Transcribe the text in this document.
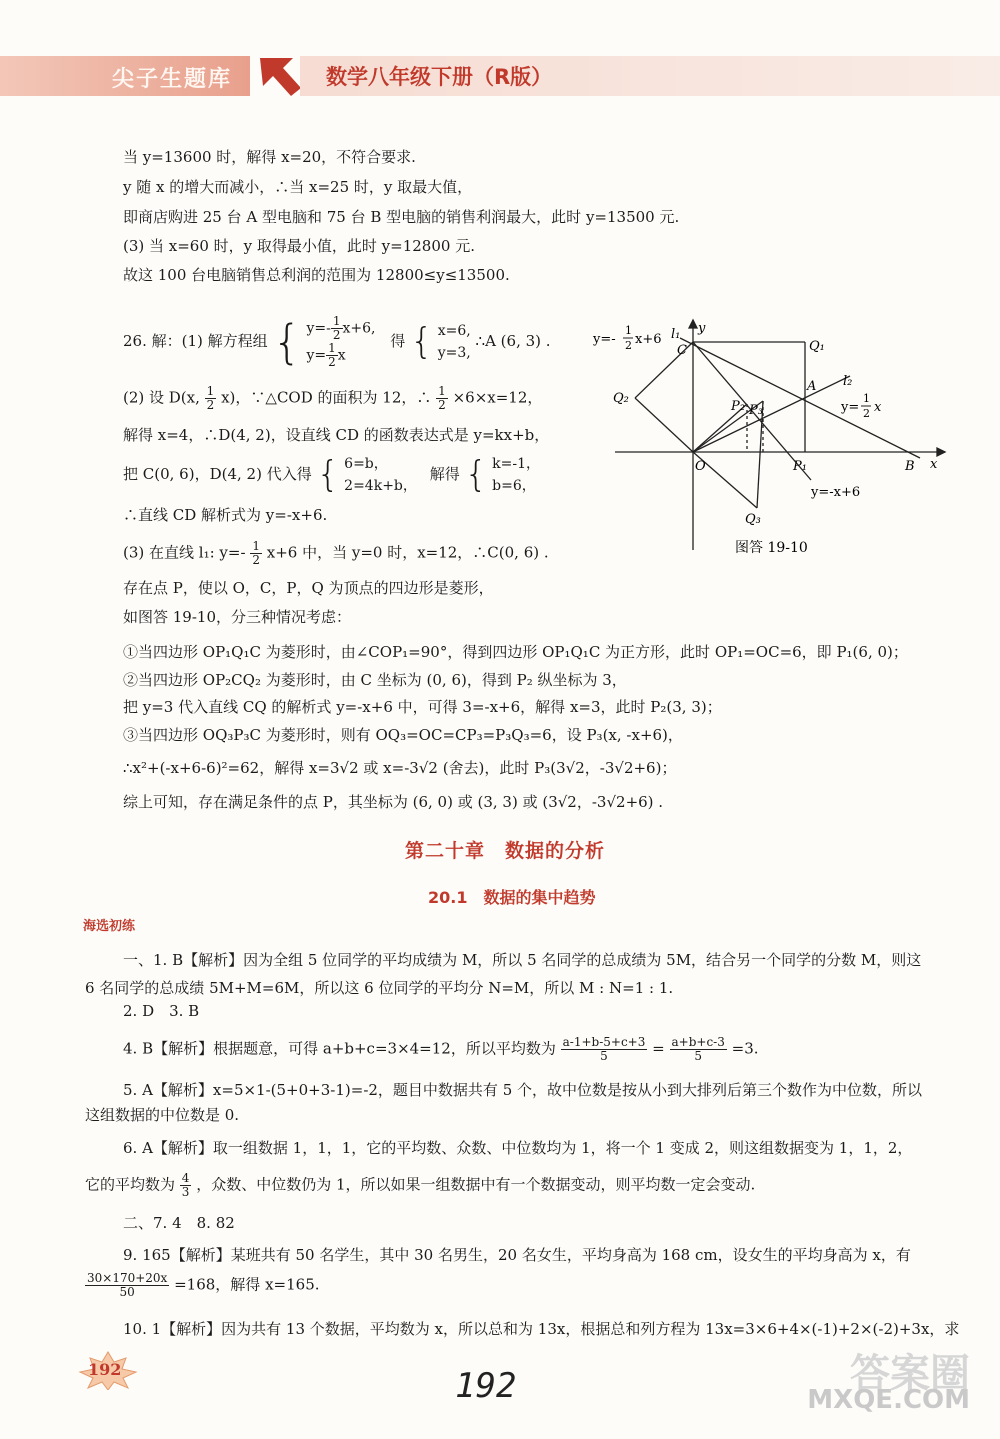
尖子生题库	数学八年级下册（R版）
当 y=13600 时，解得 x=20，不符合要求.
y 随 x 的增大而减小，∴当 x=25 时，y 取最大值，
即商店购进 25 台 A 型电脑和 75 台 B 型电脑的销售利润最大，此时 y=13500 元.
(3) 当 x=60 时，y 取得最小值，此时 y=12800 元.
故这 100 台电脑销售总利润的范围为 12800≤y≤13500.
26. 解：(1) 解方程组 { $y=- \frac{1}{2} x+6$,
$y= \frac{1}{2}$ x
得 { x=6,
y=3,
∴A (6, 3) .
(2) 设 D(x, $\frac{1}{2} x$)，∵△COD 的面积为 12，∴ $\frac{1}{2} \times 6\times x=12$，
解得 x=4，∴D(4, 2)，设直线 CD 的函数表达式是 y=kx+b，
把 C(0, 6)，D(4, 2) 代入得 { 6=b，
2=4k+b，
解得 { k=-1，
b=6，
∴直线 CD 解析式为 y=-x+6.
(3) 在直线 l₁: $y=- \frac{1}{2} x+6$ 中，当 y=0 时，x=12，∴C(0, 6) .
存在点 P，使以 O，C，P，Q 为顶点的四边形是菱形，
如图答 19-10，分三种情况考虑：
①当四边形 OP₁Q₁C 为菱形时，由∠COP₁=90°，得到四边形 OP₁Q₁C 为正方形，此时 OP₁=OC=6，即 P₁(6, 0)；
②当四边形 OP₂CQ₂ 为菱形时，由 C 坐标为 (0, 6)，得到 P₂ 纵坐标为 3，
把 y=3 代入直线 CQ 的解析式 y=-x+6 中，可得 3=-x+6，解得 x=3，此时 P₂(3, 3)；
③当四边形 OQ₃P₃C 为菱形时，则有 OQ₃=OC=CP₃=P₃Q₃=6，设 P₃(x, -x+6)，
∴x²+(-x+6-6)²=62，解得 x=3√2 或 x=-3√2 (舍去)，此时 P₃(3√2，-3√2+6)；
综上可知，存在满足条件的点 P，其坐标为 (6, 0) 或 (3, 3) 或 (3√2，-3√2+6) .
y=-
1
2 x+6 l₁ y
C	Q₁
l₂
A
y=
1
2 x
Q₂
P₂ P₃
O	P₁	B x
y=-x+6
Q₃
图答 19-10
第二十章　数据的分析
20.1　数据的集中趋势
海选初练
一、1. B【解析】因为全组 5 位同学的平均成绩为 M，所以 5 名同学的总成绩为 5M，结合另一个同学的分数 M，则这
6 名同学的总成绩 5M+M=6M，所以这 6 位同学的平均分 N=M，所以 M : N=1 : 1.
2. D　3. B
4. B【解析】根据题意，可得 a+b+c=3×4=12，所以平均数为 $\frac{a-1+b-5+c+3}{5} = \frac{a+b+c-3}{5} =3$.
5. A【解析】x=5×1-(5+0+3-1)=-2，题目中数据共有 5 个，故中位数是按从小到大排列后第三个数作为中位数，所以
这组数据的中位数是 0.
6. A【解析】取一组数据 1，1，1，它的平均数、众数、中位数均为 1，将一个 1 变成 2，则这组数据变为 1，1，2，
它的平均数为 $\frac{4}{3}$ ，众数、中位数仍为 1，所以如果一组数据中有一个数据变动，则平均数一定会变动.
二、7. 4　8. 82
9. 165【解析】某班共有 50 名学生，其中 30 名男生，20 名女生，平均身高为 168 cm，设女生的平均身高为 x，有
$\frac{30\times 170+20x}{50} =168$，解得 x=165.
10. 1【解析】因为共有 13 个数据，平均数为 x，所以总和为 13x，根据总和列方程为 13x=3×6+4×(-1)+2×(-2)+3x，求
192	192	答案圈
MXQE.COM
